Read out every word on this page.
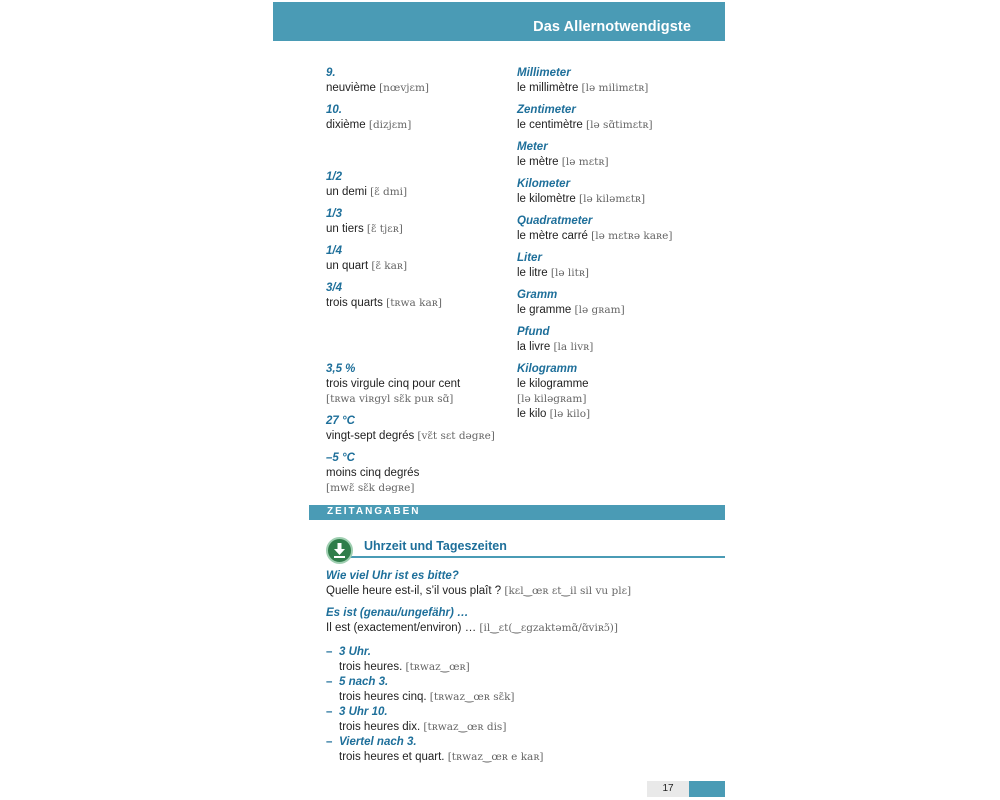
Das Allernotwendigste
9.
neuvième [nœvjɛm]
10.
dixième [dizjɛm]
1/2
un demi [ɛ̃ dmi]
1/3
un tiers [ɛ̃ tjɛʀ]
1/4
un quart [ɛ̃ kaʀ]
3/4
trois quarts [tʀwa kaʀ]
3,5 %
trois virgule cinq pour cent
[tʀwa viʀgyl sɛ̃k puʀ sɑ̃]
27 °C
vingt-sept degrés [vɛ̃t sɛt dəgʀe]
–5 °C
moins cinq degrés
[mwɛ̃ sɛ̃k dəgʀe]
Millimeter
le millimètre [lə milimɛtʀ]
Zentimeter
le centimètre [lə sɑ̃timɛtʀ]
Meter
le mètre [lə mɛtʀ]
Kilometer
le kilomètre [lə kiləmɛtʀ]
Quadratmeter
le mètre carré [lə mɛtʀə kaʀe]
Liter
le litre [lə litʀ]
Gramm
le gramme [lə gʀam]
Pfund
la livre [la livʀ]
Kilogramm
le kilogramme
[lə kiləgʀam]
le kilo [lə kilo]
ZEITANGABEN
Uhrzeit und Tageszeiten
Wie viel Uhr ist es bitte?
Quelle heure est-il, s’il vous plaît ? [kɛl‿œʀ ɛt‿il sil vu plɛ]
Es ist (genau/ungefähr) …
Il est (exactement/environ) … [il‿ɛt(‿ɛgzaktəmɑ̃/ɑ̃viʀɔ̃)]
– 3 Uhr.
trois heures. [tʀwaz‿œʀ]
– 5 nach 3.
trois heures cinq. [tʀwaz‿œʀ sɛ̃k]
– 3 Uhr 10.
trois heures dix. [tʀwaz‿œʀ dis]
– Viertel nach 3.
trois heures et quart. [tʀwaz‿œʀ e kaʀ]
17
